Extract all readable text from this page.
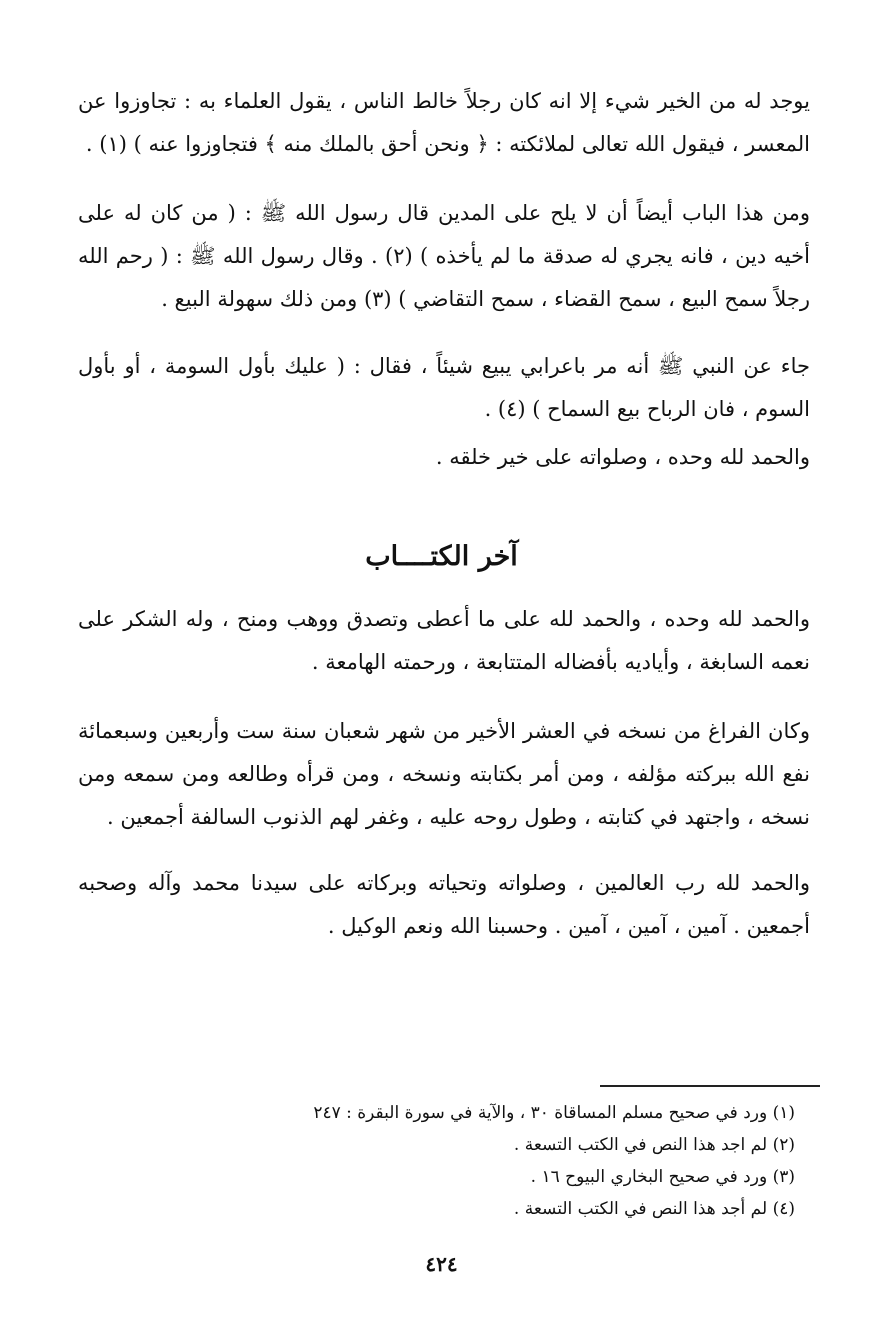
يوجد له من الخير شيء إلا انه كان رجلاً خالط الناس ، يقول العلماء به : تجاوزوا عن المعسر ، فيقول الله تعالى لملائكته : ﴿ ونحن أحق بالملك منه ﴾ فتجاوزوا عنه ) (١) .

ومن هذا الباب أيضاً أن لا يلح على المدين قال رسول الله ﷺ : ( من كان له على أخيه دين ، فانه يجري له صدقة ما لم يأخذه ) (٢) . وقال رسول الله ﷺ : ( رحم الله رجلاً سمح البيع ، سمح القضاء ، سمح التقاضي ) (٣) ومن ذلك سهولة البيع .

جاء عن النبي ﷺ أنه مر باعرابي يبيع شيئاً ، فقال : ( عليك بأول السومة ، أو بأول السوم ، فان الرباح بيع السماح ) (٤) .

والحمد لله وحده ، وصلواته على خير خلقه .

آخر الكتــــاب

والحمد لله وحده ، والحمد لله على ما أعطى وتصدق ووهب ومنح ، وله الشكر على نعمه السابغة ، وأياديه بأفضاله المتتابعة ، ورحمته الهامعة .

وكان الفراغ من نسخه في العشر الأخير من شهر شعبان سنة ست وأربعين وسبعمائة نفع الله ببركته مؤلفه ، ومن أمر بكتابته ونسخه ، ومن قرأه وطالعه ومن سمعه ومن نسخه ، واجتهد في كتابته ، وطول روحه عليه ، وغفر لهم الذنوب السالفة أجمعين .

والحمد لله رب العالمين ، وصلواته وتحياته وبركاته على سيدنا محمد وآله وصحبه أجمعين . آمين ، آمين ، آمين . وحسبنا الله ونعم الوكيل .

(١) ورد في صحيح مسلم المساقاة ٣٠ ، والآية في سورة البقرة : ٢٤٧
(٢) لم اجد هذا النص في الكتب التسعة .
(٣) ورد في صحيح البخاري البيوح ١٦ .
(٤) لم أجد هذا النص في الكتب التسعة .
٤٢٤
